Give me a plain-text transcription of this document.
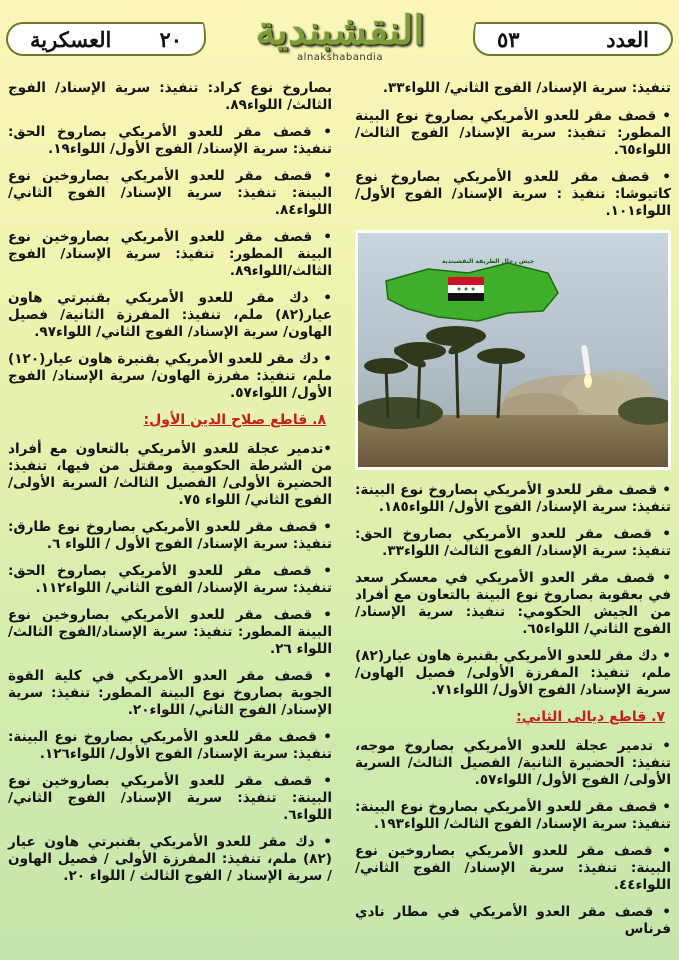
العدد
٥٣
النقشبندية
alnakshabandia
٢٠
العسكرية
تنفيذ: سرية الإسناد/ الفوج الثاني/ اللواء٣٣.
• قصف مقر للعدو الأمريكي بصاروخ نوع البينة المطور: تنفيذ: سرية الإسناد/ الفوج الثالث/ اللواء٦٥.
• قصف مقر للعدو الأمريكي بصاروخ نوع كاتيوشا: تنفيذ : سرية الإسناد/ الفوج الأول/ اللواء١٠١.
جيش رجال الطريقة النقشبندية
• قصف مقر للعدو الأمريكي بصاروخ نوع البينة: تنفيذ: سرية الإسناد/ الفوج الأول/ اللواء١٨٥.
• قصف مقر للعدو الأمريكي بصاروخ الحق: تنفيذ: سرية الإسناد/ الفوج الثالث/ اللواء٣٣.
• قصف مقر العدو الأمريكي في معسكر سعد في بعقوبة بصاروخ نوع البينة بالتعاون مع أفراد من الجيش الحكومي: تنفيذ: سرية الإسناد/ الفوج الثاني/ اللواء٦٥.
• دك مقر للعدو الأمريكي بقنبرة هاون عيار(٨٢) ملم، تنفيذ: المفرزة الأولى/ فصيل الهاون/ سرية الإسناد/ الفوج الأول/ اللواء٧١.
٧. قاطع ديالى الثاني:
• تدمير عجلة للعدو الأمريكي بصاروخ موجه، تنفيذ: الحضيرة الثانية/ الفصيل الثالث/ السرية الأولى/ الفوج الأول/ اللواء٥٧.
• قصف مقر للعدو الأمريكي بصاروخ نوع البينة: تنفيذ: سرية الإسناد/ الفوج الثالث/ اللواء١٩٣.
• قصف مقر للعدو الأمريكي بصاروخين نوع البينة: تنفيذ: سرية الإسناد/ الفوج الثاني/ اللواء٤٤.
• قصف مقر العدو الأمريكي في مطار نادي فرناس
بصاروخ نوع كراد: تنفيذ: سرية الإسناد/ الفوج الثالث/ اللواء٨٩.
• قصف مقر للعدو الأمريكي بصاروخ الحق: تنفيذ: سرية الإسناد/ الفوج الأول/ اللواء١٩.
• قصف مقر للعدو الأمريكي بصاروخين نوع البينة: تنفيذ: سرية الإسناد/ الفوج الثاني/ اللواء٨٤.
• قصف مقر للعدو الأمريكي بصاروخين نوع البينة المطور: تنفيذ: سرية الإسناد/ الفوج الثالث/اللواء٨٩.
• دك مقر للعدو الأمريكي بقنبرتي هاون عيار(٨٢) ملم، تنفيذ: المفرزة الثانية/ فصيل الهاون/ سرية الإسناد/ الفوج الثاني/ اللواء٩٧.
• دك مقر للعدو الأمريكي بقنبرة هاون عيار(١٢٠) ملم، تنفيذ: مفرزة الهاون/ سرية الإسناد/ الفوج الأول/ اللواء٥٧.
٨. قاطع صلاح الدين الأول:
•تدمير عجلة للعدو الأمريكي بالتعاون مع أفراد من الشرطة الحكومية ومقتل من فيها، تنفيذ: الحضيرة الأولى/ الفصيل الثالث/ السرية الأولى/ الفوج الثاني/ اللواء ٧٥.
• قصف مقر للعدو الأمريكي بصاروخ نوع طارق: تنفيذ: سرية الإسناد/ الفوج الأول / اللواء ٦.
• قصف مقر للعدو الأمريكي بصاروخ الحق: تنفيذ: سرية الإسناد/ الفوج الثاني/ اللواء١١٢.
• قصف مقر للعدو الأمريكي بصاروخين نوع البينة المطور: تنفيذ: سرية الإسناد/الفوج الثالث/ اللواء ٢٦.
• قصف مقر العدو الأمريكي في كلية القوة الجوية بصاروخ نوع البينة المطور: تنفيذ: سرية الإسناد/ الفوج الثاني/ اللواء٢٠.
• قصف مقر للعدو الأمريكي بصاروخ نوع البينة: تنفيذ: سرية الإسناد/ الفوج الأول/ اللواء١٢٦.
• قصف مقر للعدو الأمريكي بصاروخين نوع البينة: تنفيذ: سرية الإسناد/ الفوج الثاني/ اللواء٦.
• دك مقر للعدو الأمريكي بقنبرتي هاون عيار (٨٢) ملم، تنفيذ: المفرزة الأولى / فصيل الهاون / سرية الإسناد / الفوج الثالث / اللواء ٢٠.
